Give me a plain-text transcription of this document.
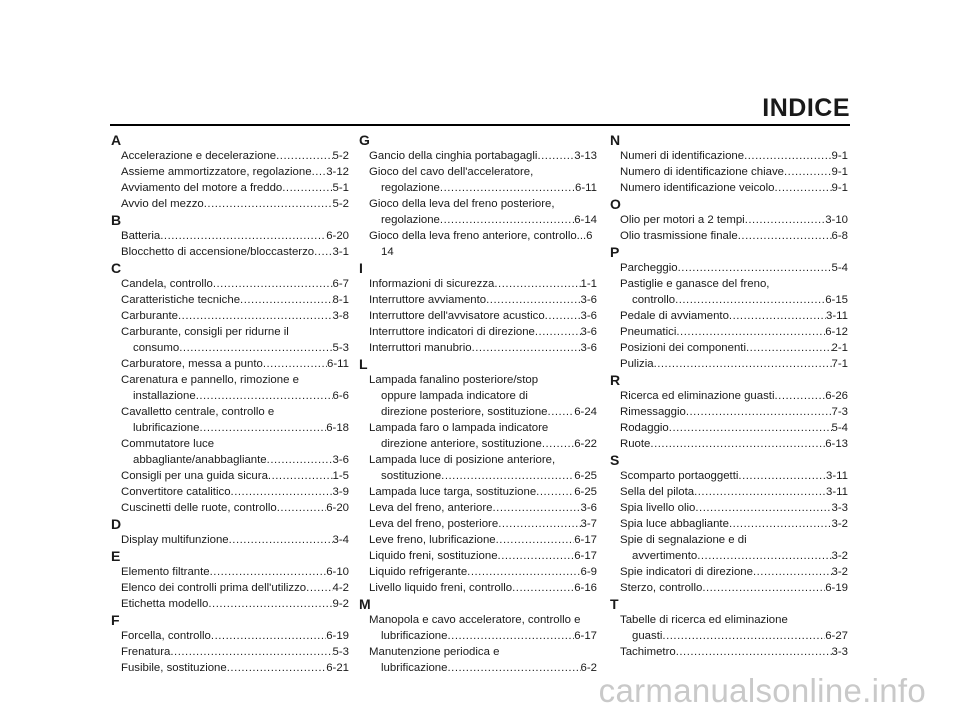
INDICE
A
Accelerazione e decelerazione .....	5-2
Assieme ammortizzatore, regolazione ..... 3-12
Avviamento del motore a freddo .....	5-1
Avvio del mezzo .....	5-2
B
Batteria .....	6-20
Blocchetto di accensione/bloccasterzo ..... 3-1
C
Candela, controllo .....	6-7
Caratteristiche tecniche .....	8-1
Carburante .....	3-8
Carburante, consigli per ridurne il
consumo .....	5-3
Carburatore, messa a punto .....	6-11
Carenatura e pannello, rimozione e
installazione .....	6-6
Cavalletto centrale, controllo e
lubrificazione .....	6-18
Commutatore luce
abbagliante/anabbagliante .....	3-6
Consigli per una guida sicura .....	1-5
Convertitore catalitico .....	3-9
Cuscinetti delle ruote, controllo .....	6-20
D
Display multifunzione .....	3-4
E
Elemento filtrante .....	6-10
Elenco dei controlli prima dell'utilizzo ..... 4-2
Etichetta modello .....	9-2
F
Forcella, controllo .....	6-19
Frenatura .....	5-3
Fusibile, sostituzione .....	6-21
G
Gancio della cinghia portabagagli .....	3-13
Gioco del cavo dell'acceleratore,
regolazione .....	6-11
Gioco della leva del freno posteriore,
regolazione .....	6-14
Gioco della leva freno anteriore, controllo...6
14
I
Informazioni di sicurezza .....	1-1
Interruttore avviamento .....	3-6
Interruttore dell'avvisatore acustico .....	3-6
Interruttore indicatori di direzione .....	3-6
Interruttori manubrio .....	3-6
L
Lampada fanalino posteriore/stop
oppure lampada indicatore di
direzione posteriore, sostituzione ..... 6-24
Lampada faro o lampada indicatore
direzione anteriore, sostituzione .....	6-22
Lampada luce di posizione anteriore,
sostituzione .....	6-25
Lampada luce targa, sostituzione .....	6-25
Leva del freno, anteriore .....	3-6
Leva del freno, posteriore .....	3-7
Leve freno, lubrificazione .....	6-17
Liquido freni, sostituzione .....	6-17
Liquido refrigerante .....	6-9
Livello liquido freni, controllo .....	6-16
M
Manopola e cavo acceleratore, controllo e
lubrificazione .....	6-17
Manutenzione periodica e
lubrificazione .....	6-2
N
Numeri di identificazione .....	9-1
Numero di identificazione chiave .....	9-1
Numero identificazione veicolo .....	9-1
O
Olio per motori a 2 tempi .....	3-10
Olio trasmissione finale .....	6-8
P
Parcheggio .....	5-4
Pastiglie e ganasce del freno,
controllo .....	6-15
Pedale di avviamento .....	3-11
Pneumatici .....	6-12
Posizioni dei componenti .....	2-1
Pulizia .....	7-1
R
Ricerca ed eliminazione guasti .....	6-26
Rimessaggio .....	7-3
Rodaggio .....	5-4
Ruote .....	6-13
S
Scomparto portaoggetti .....	3-11
Sella del pilota .....	3-11
Spia livello olio .....	3-3
Spia luce abbagliante .....	3-2
Spie di segnalazione e di
avvertimento .....	3-2
Spie indicatori di direzione .....	3-2
Sterzo, controllo .....	6-19
T
Tabelle di ricerca ed eliminazione
guasti .....	6-27
Tachimetro .....	3-3
carmanualsonline.info
